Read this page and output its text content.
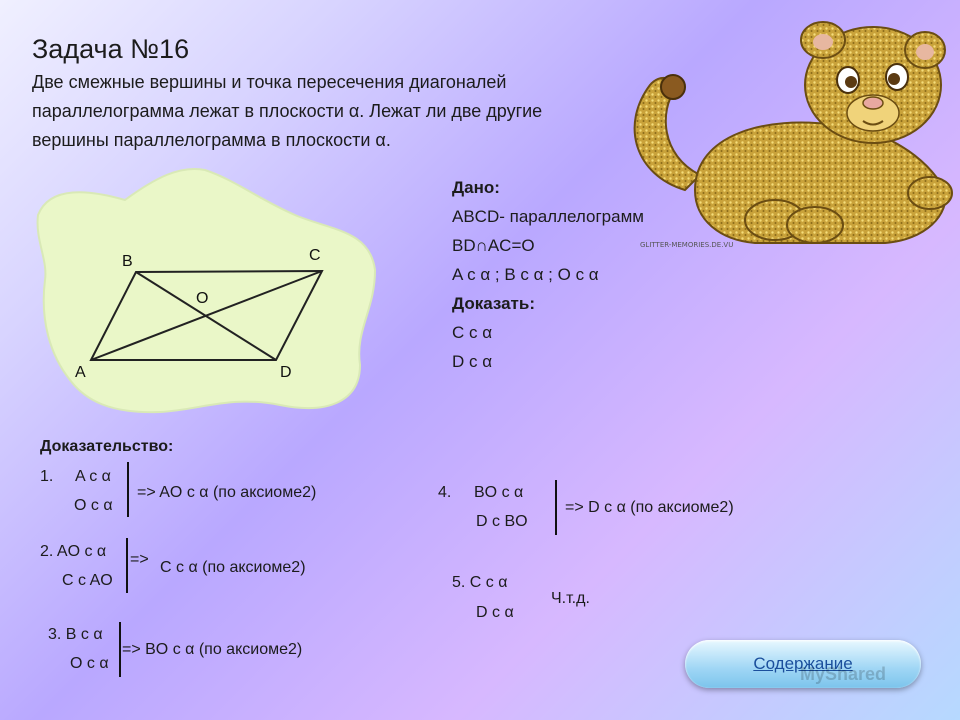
Задача №16
Две смежные вершины и точка пересечения диагоналей
параллелограмма лежат в плоскости α. Лежат ли две другие
вершины параллелограмма в плоскости α.
GLITTER-MEMORIES.DE.VU
A
B	C
D
O
Дано:
ABCD- параллелограмм
BD∩AC=O
A c α ; B c α ; O c α
Доказать:
C c α
D c α
Доказательство:
1. A c α
O c α
=> AO c α (по аксиоме2)
2. AO c α
C c AO
=> C c α (по аксиоме2)
3. B c α
O c α
=> BO c α (по аксиоме2)
4. BO c α
D c BO
=> D c α (по аксиоме2)
5. C c α
D c α
Ч.т.д.
Содержание
MyShared
